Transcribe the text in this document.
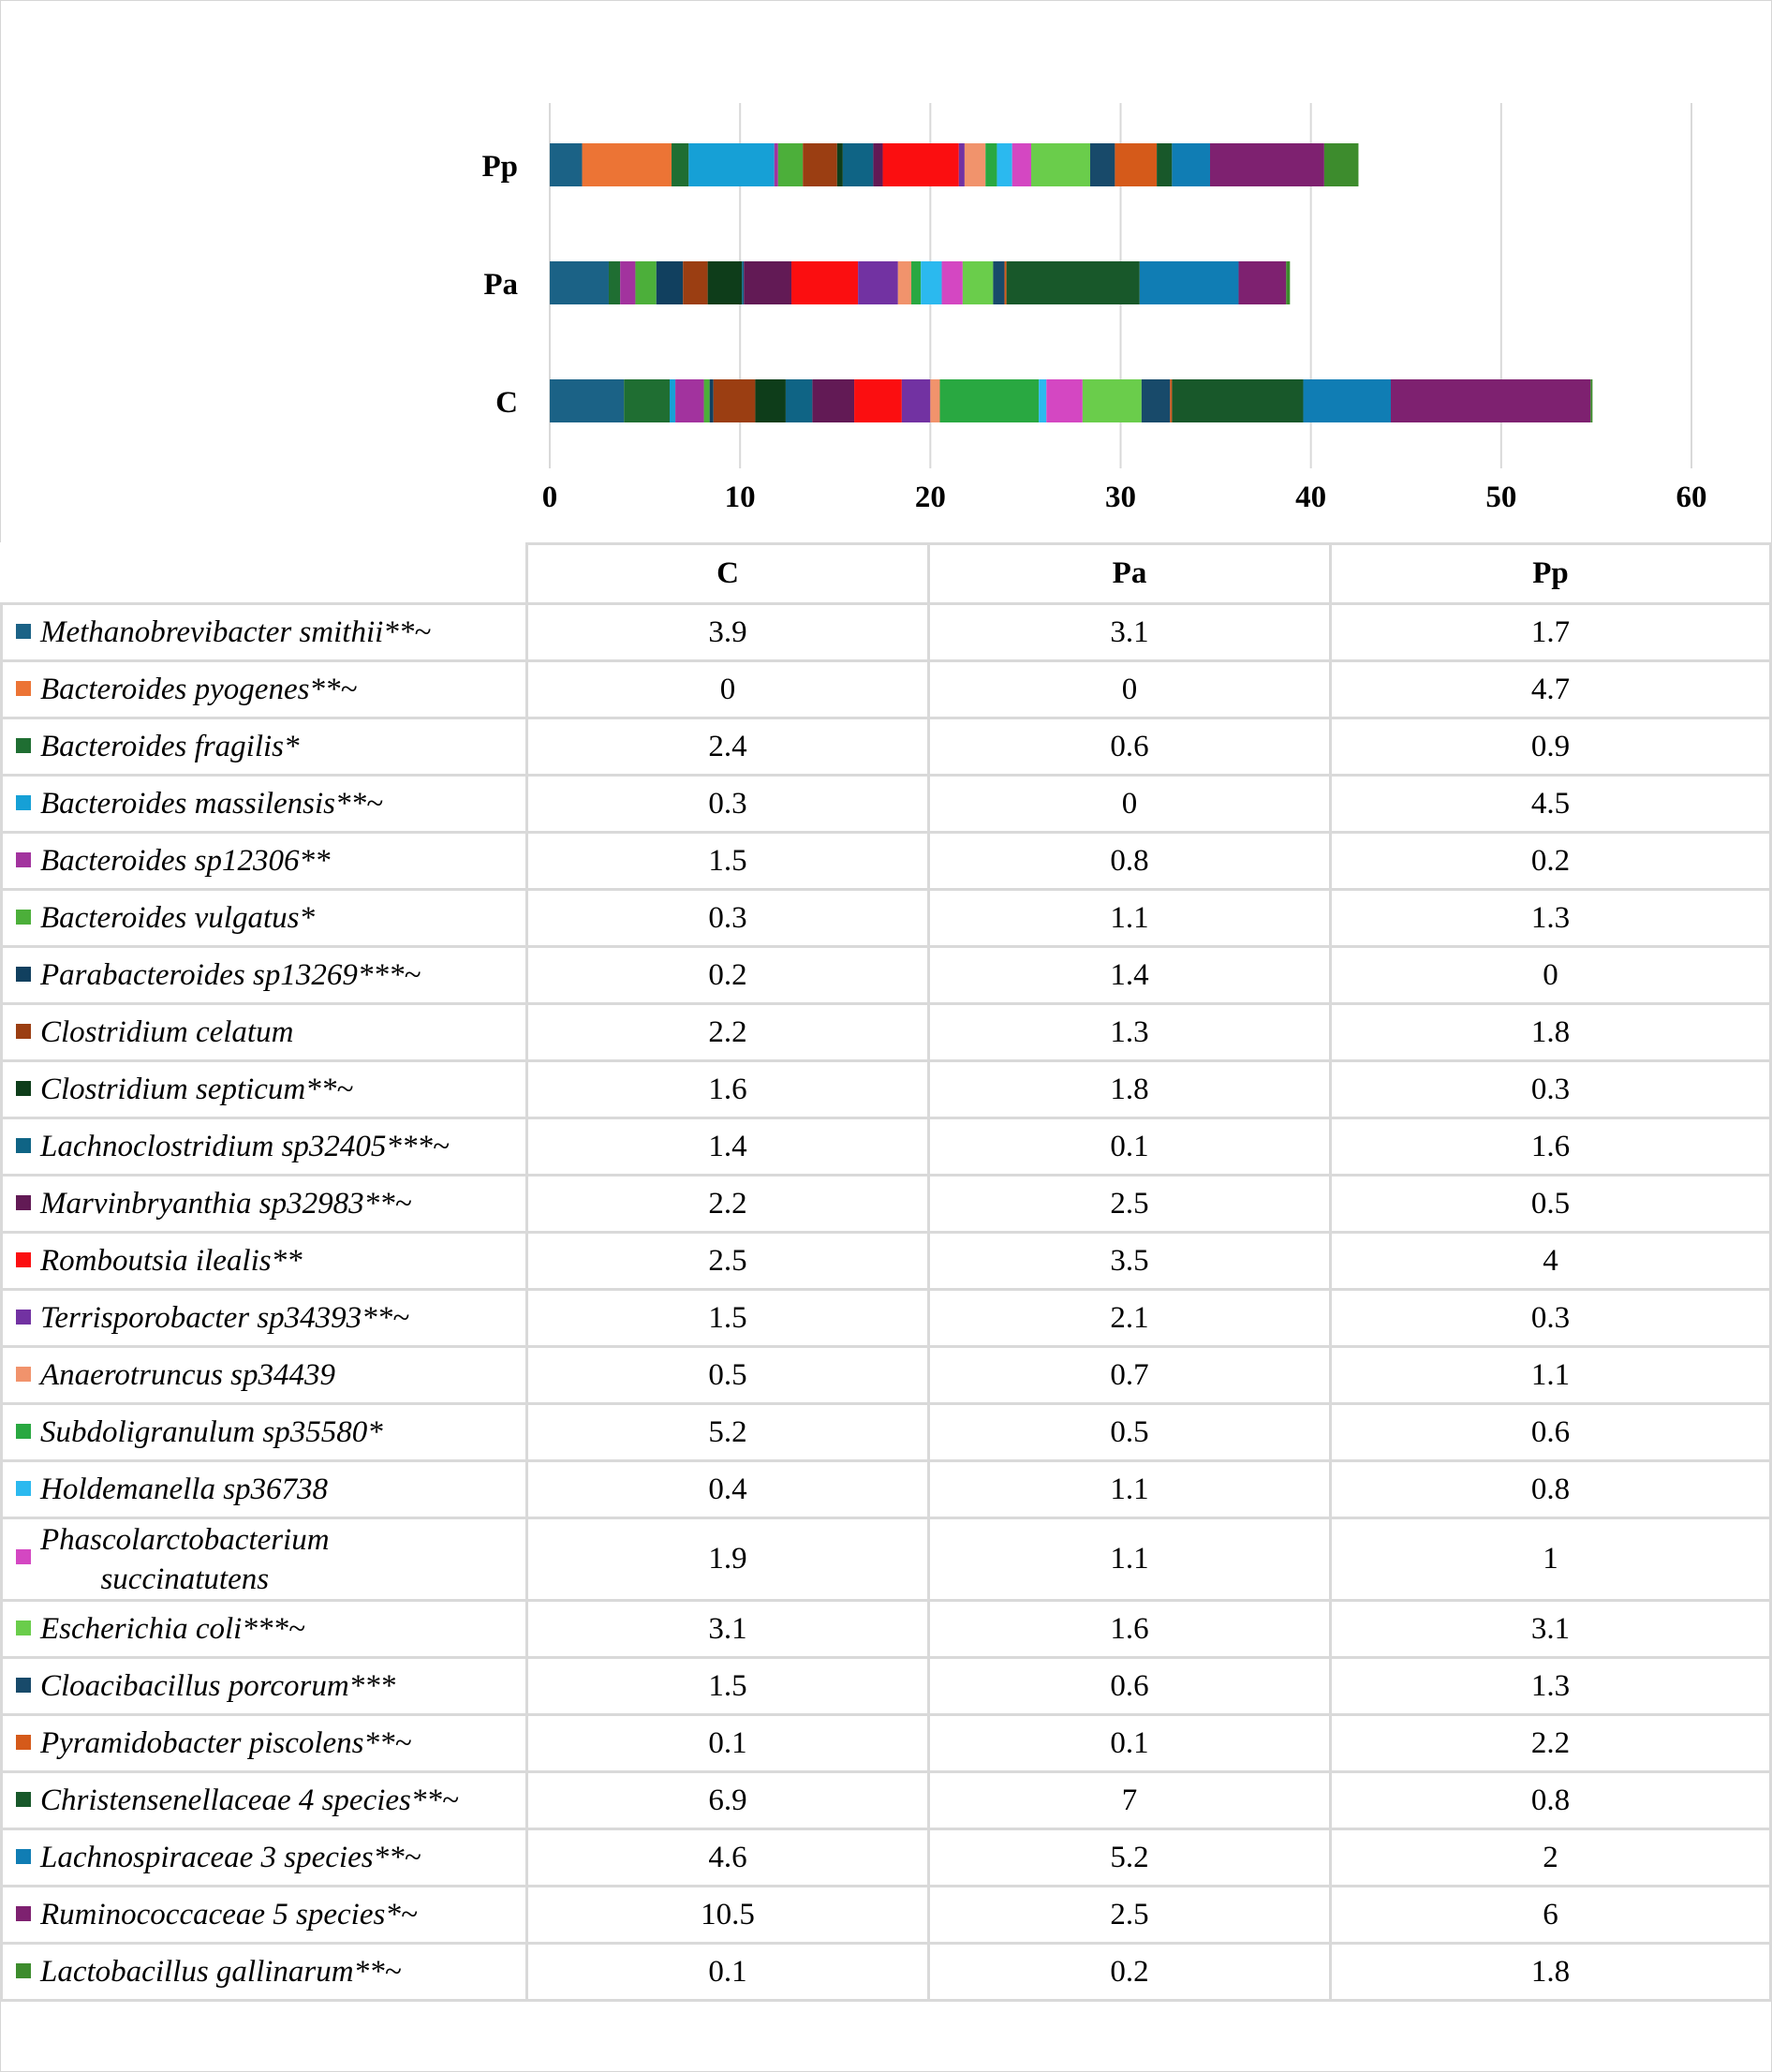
C
Pa
Pp
0	10	20	30	40	50	60
	C	Pa	Pp
Methanobrevibacter smithii**~	3.9	3.1	1.7
Bacteroides pyogenes**~	0	0	4.7
Bacteroides fragilis*	2.4	0.6	0.9
Bacteroides massilensis**~	0.3	0	4.5
Bacteroides sp12306**	1.5	0.8	0.2
Bacteroides vulgatus*	0.3	1.1	1.3
Parabacteroides sp13269***~	0.2	1.4	0
Clostridium celatum	2.2	1.3	1.8
Clostridium septicum**~	1.6	1.8	0.3
Lachnoclostridium sp32405***~	1.4	0.1	1.6
Marvinbryanthia sp32983**~	2.2	2.5	0.5
Romboutsia ilealis**	2.5	3.5	4
Terrisporobacter sp34393**~	1.5	2.1	0.3
Anaerotruncus sp34439	0.5	0.7	1.1
Subdoligranulum sp35580*	5.2	0.5	0.6
Holdemanella sp36738	0.4	1.1	0.8
Phascolarctobacterium
succinatutens	1.9	1.1	1
Escherichia coli***~	3.1	1.6	3.1
Cloacibacillus porcorum***	1.5	0.6	1.3
Pyramidobacter piscolens**~	0.1	0.1	2.2
Christensenellaceae 4 species**~	6.9	7	0.8
Lachnospiraceae 3 species**~	4.6	5.2	2
Ruminococcaceae 5 species*~	10.5	2.5	6
Lactobacillus gallinarum**~	0.1	0.2	1.8
